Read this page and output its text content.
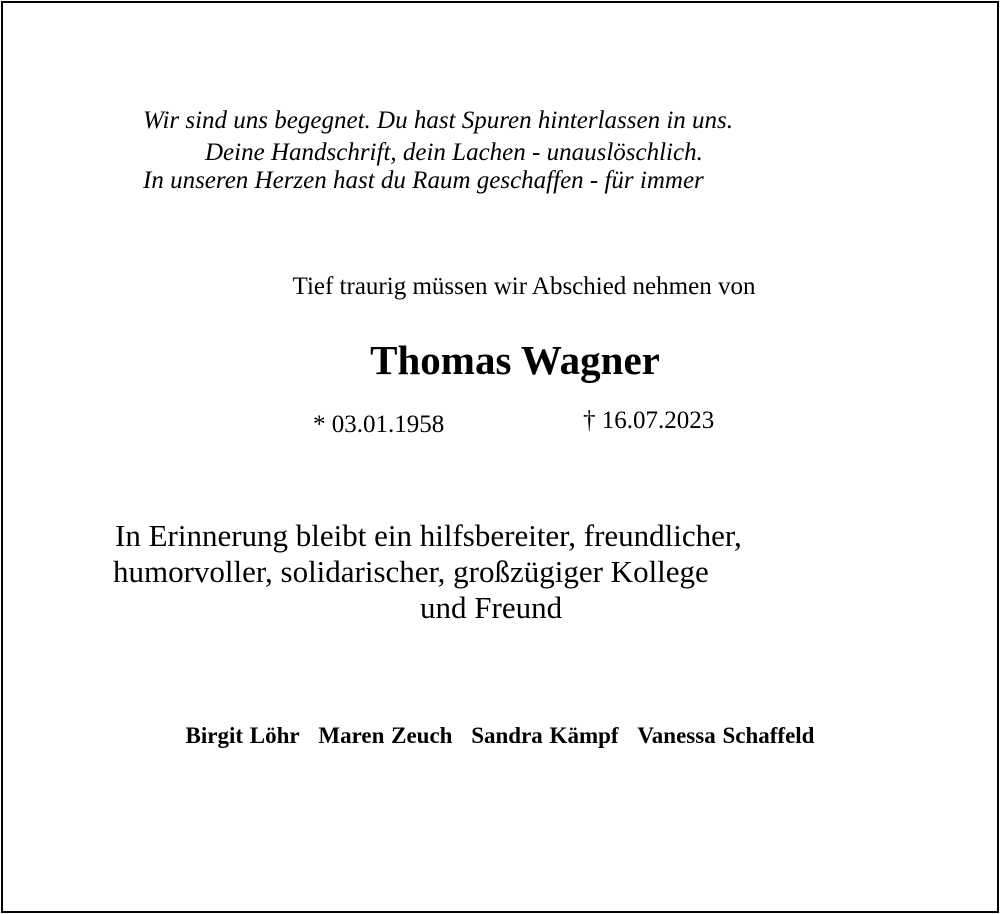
Wir sind uns begegnet. Du hast Spuren hinterlassen in uns.
Deine Handschrift, dein Lachen - unauslöschlich.
In unseren Herzen hast du Raum geschaffen - für immer
Tief traurig müssen wir Abschied nehmen von
Thomas Wagner
* 03.01.1958	† 16.07.2023
In Erinnerung bleibt ein hilfsbereiter, freundlicher,
humorvoller, solidarischer, großzügiger Kollege
und Freund
Birgit Löhr Maren Zeuch Sandra Kämpf Vanessa Schaffeld
